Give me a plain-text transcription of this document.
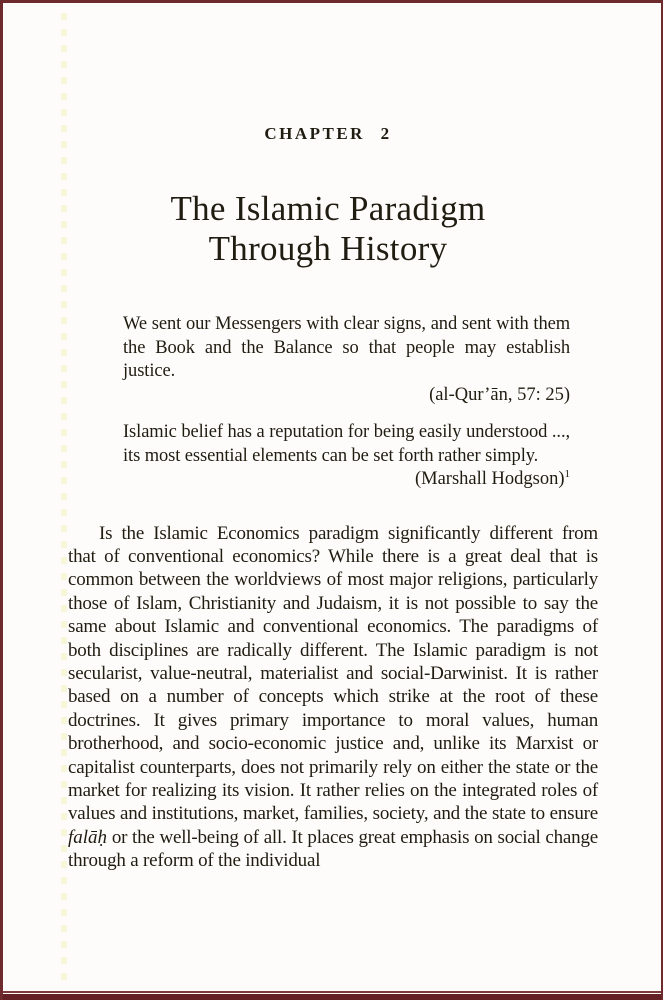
CHAPTER 2
The Islamic Paradigm
Through History

We sent our Messengers with clear signs, and sent with them the Book and the Balance so that people may establish justice.

(al-Qur’ān, 57: 25)

Islamic belief has a reputation for being easily understood ..., its most essential elements can be set forth rather simply.

(Marshall Hodgson)$^1$

Is the Islamic Economics paradigm significantly different from that of conventional economics? While there is a great deal that is common between the worldviews of most major religions, particularly those of Islam, Christianity and Judaism, it is not possible to say the same about Islamic and conventional economics. The paradigms of both disciplines are radically different. The Islamic paradigm is not secularist, value-neutral, materialist and social-Darwinist. It is rather based on a number of concepts which strike at the root of these doctrines. It gives primary importance to moral values, human brotherhood, and socio-economic justice and, unlike its Marxist or capitalist counterparts, does not primarily rely on either the state or the market for realizing its vision. It rather relies on the integrated roles of values and institutions, market, families, society, and the state to ensure falāḥ or the well-being of all. It places great emphasis on social change through a reform of the individual
